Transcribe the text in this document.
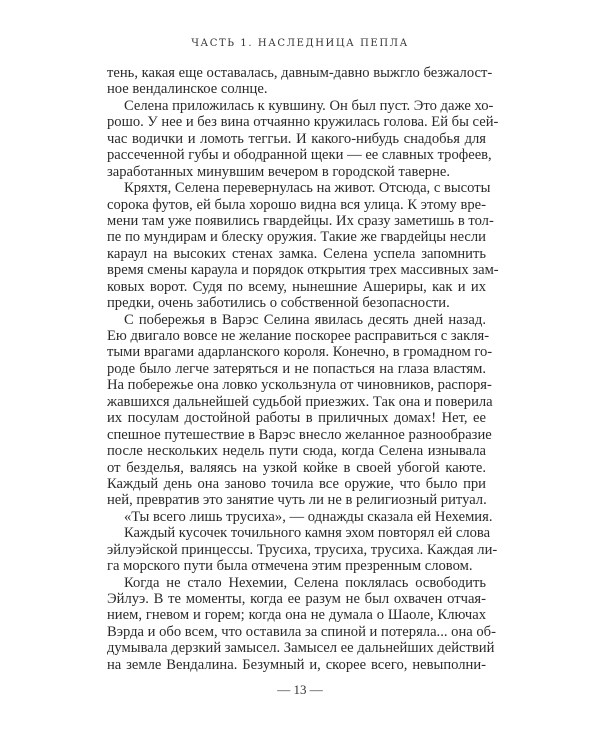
ЧАСТЬ 1. НАСЛЕДНИЦА ПЕПЛА
тень, какая еще оставалась, давным-давно выжгло безжалост-
ное вендалинское солнце.
Селена приложилась к кувшину. Он был пуст. Это даже хо-
рошо. У нее и без вина отчаянно кружилась голова. Ей бы сей-
час водички и ломоть теггьи. И какого-нибудь снадобья для
рассеченной губы и ободранной щеки — ее славных трофеев,
заработанных минувшим вечером в городской таверне.
Кряхтя, Селена перевернулась на живот. Отсюда, с высоты
сорока футов, ей была хорошо видна вся улица. К этому вре-
мени там уже появились гвардейцы. Их сразу заметишь в тол-
пе по мундирам и блеску оружия. Такие же гвардейцы несли
караул на высоких стенах замка. Селена успела запомнить
время смены караула и порядок открытия трех массивных зам-
ковых ворот. Судя по всему, нынешние Ашериры, как и их
предки, очень заботились о собственной безопасности.
С побережья в Варэс Селина явилась десять дней назад.
Ею двигало вовсе не желание поскорее расправиться с закля-
тыми врагами адарланского короля. Конечно, в громадном го-
роде было легче затеряться и не попасться на глаза властям.
На побережье она ловко ускользнула от чиновников, распоря-
жавшихся дальнейшей судьбой приезжих. Так она и поверила
их посулам достойной работы в приличных домах! Нет, ее
спешное путешествие в Варэс внесло желанное разнообразие
после нескольких недель пути сюда, когда Селена изнывала
от безделья, валяясь на узкой койке в своей убогой каюте.
Каждый день она заново точила все оружие, что было при
ней, превратив это занятие чуть ли не в религиозный ритуал.
«Ты всего лишь трусиха», — однажды сказала ей Нехемия.
Каждый кусочек точильного камня эхом повторял ей слова
эйлуэйской принцессы. Трусиха, трусиха, трусиха. Каждая ли-
га морского пути была отмечена этим презренным словом.
Когда не стало Нехемии, Селена поклялась освободить
Эйлуэ. В те моменты, когда ее разум не был охвачен отчая-
нием, гневом и горем; когда она не думала о Шаоле, Ключах
Вэрда и обо всем, что оставила за спиной и потеряла... она об-
думывала дерзкий замысел. Замысел ее дальнейших действий
на земле Вендалина. Безумный и, скорее всего, невыполни-
— 13 —
